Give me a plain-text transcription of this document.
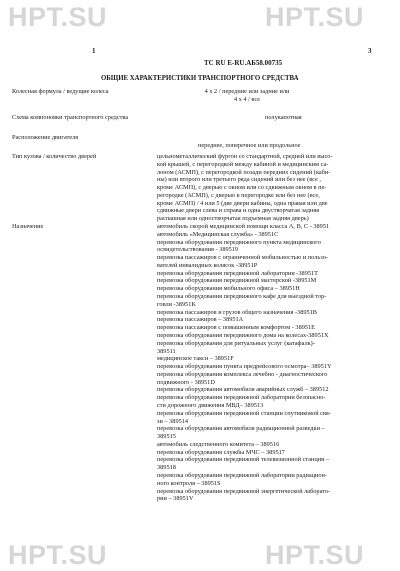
HPT.SU	HPT.SU
HPT.SU	HPT.SU
1	3
ТС RU E-RU.АБ58.00735
ОБЩИЕ ХАРАКТЕРИСТИКИ ТРАНСПОРТНОГО СРЕДСТВА
Колесная формула / ведущие колеса	4 х 2 / передние или задние или
4 х 4 / все
Схема компоновки транспортного средства	полукапотная
Расположение двигателя
переднее, поперечное или продольное
Тип кузова / количество дверей	цельнометаллический фургон со стандартной, средней или высо-
кой крышей, с перегородкой между кабиной и медицинским са-
лоном (АСМП), с перегородкой позади передних сидений (каби-
ны) или второго или третьего ряда сидений или без нее (все ,
кроме АСМП), с дверью с окном или со сдвижным окном в пе-
регородке (АСМП), с дверью в перегородке или без нее (все,
кроме АСМП) / 4 или 5 (две двери кабины, одна правая или две
сдвижные двери слева и справа и одна двустворчатая задняя
распашная или одностворчатая подъемная задняя дверь)
Назначение	автомобиль скорой медицинской помощи класса А, B, C - 38951
автомобиль «Медицинская служба» - 38951C
перевозка оборудования передвижного пункта медицинского
освидетельствования - 389519
перевозка пассажиров с ограниченной мобильностью и пользо-
вателей инвалидных колясок -38951P
перевозка оборудования передвижной лаборатории -38951T
перевозка оборудования передвижной мастерской -38951M
перевозка оборудования мобильного офиса – 38951H
перевозка оборудования передвижного кафе для выездной тор-
говли -38951K
перевозка пассажиров и грузов общего назначения -38951B
перевозка пассажиров – 38951A
перевозка пассажиров с повышенным комфортом - 38951E
перевозка оборудования передвижного дома на колесах-38951X
перевозка оборудования для ритуальных услуг (катафалк)-
389511
медицинское такси – 38951F
перевозка оборудования пункта предрейсового осмотра– 38951Y
перевозка оборудования комплекса лечебно - диагностического
подвижного - 38951D
перевозка оборудования автомобиля аварийных служб – 389512
перевозка оборудования передвижной лаборатории безопасно-
сти дорожного движения МВД– 389513
перевозка оборудования передвижной станции спутниковой свя-
зи – 389514
перевозка оборудования автомобиля радиационной разведки –
389515
автомобиль следственного комитета – 389516
перевозка оборудования службы МЧС – 389517
перевозка оборудования передвижной телевизионной станции –
389518
перевозка оборудования передвижной лаборатории радиацион-
ного контроля – 38951S
перевозка оборудования передвижной энергетической лаборато-
рии – 38951V
